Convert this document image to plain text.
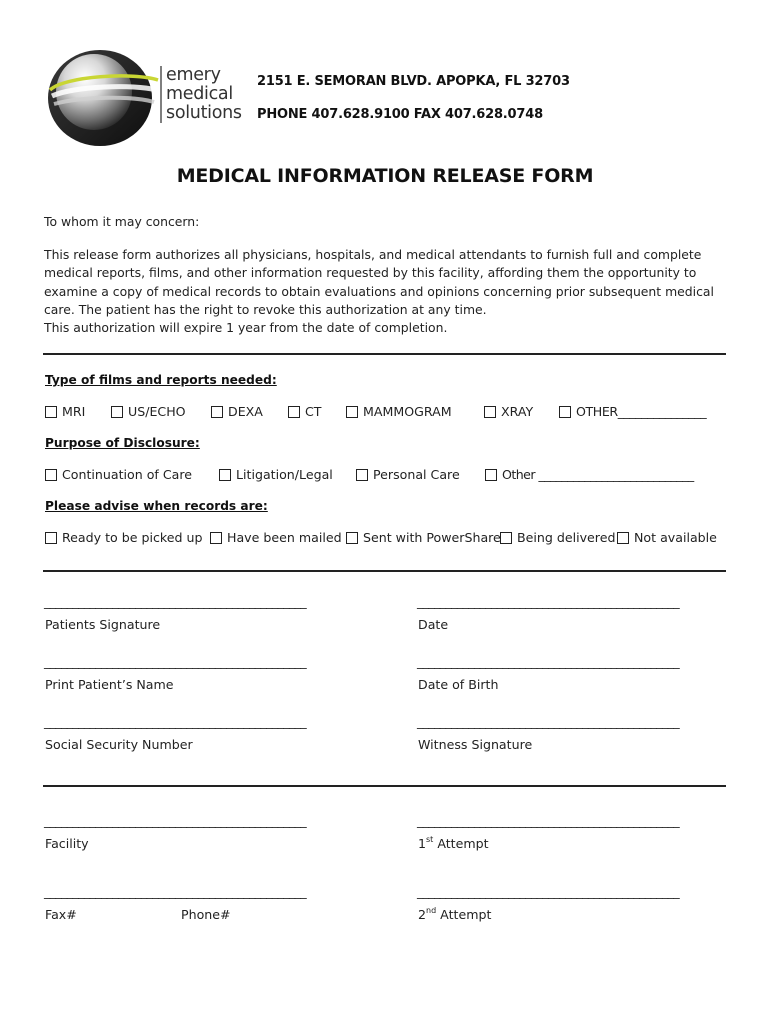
emery
medical
solutions
2151 E. SEMORAN BLVD. APOPKA, FL 32703
PHONE 407.628.9100 FAX 407.628.0748
MEDICAL INFORMATION RELEASE FORM
To whom it may concern:
This release form authorizes all physicians, hospitals, and medical attendants to furnish full and complete medical reports, films, and other information requested by this facility, affording them the opportunity to examine a copy of medical records to obtain evaluations and opinions concerning prior subsequent medical care. The patient has the right to revoke this authorization at any time.
This authorization will expire 1 year from the date of completion.
Type of films and reports needed:
MRI	US/ECHO	DEXA	CT	MAMMOGRAM	XRAY	OTHER_______________
Purpose of Disclosure:
Continuation of Care	Litigation/Legal	Personal Care	Other ___________________________
Please advise when records are:
Ready to be picked up Have been mailed Sent with PowerShare Being delivered Not available
______________________________________________	______________________________________________
Patients Signature	Date
______________________________________________	______________________________________________
Print Patient’s Name	Date of Birth
______________________________________________	______________________________________________
Social Security Number	Witness Signature
______________________________________________	______________________________________________
Facility	1st Attempt
______________________________________________	______________________________________________
Fax#	Phone#	2nd Attempt
